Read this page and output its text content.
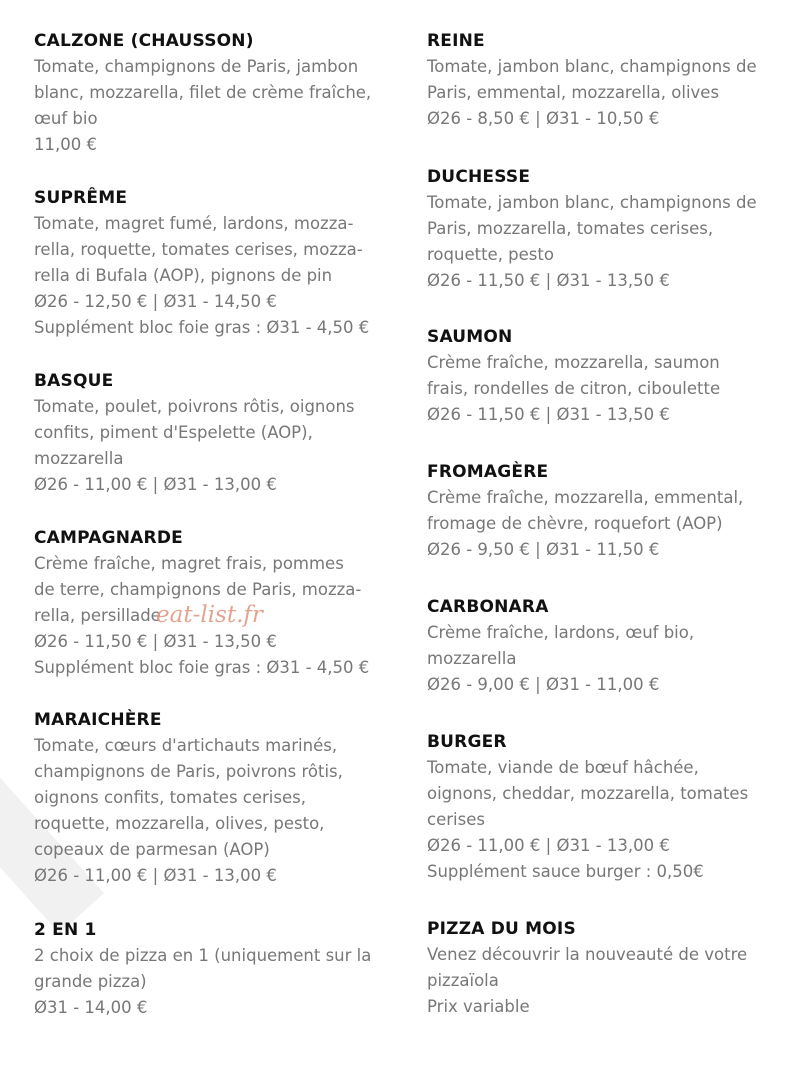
CALZONE (CHAUSSON)
Tomate, champignons de Paris, jambon
blanc, mozzarella, filet de crème fraîche,
œuf bio
11,00 €
SUPRÊME
Tomate, magret fumé, lardons, mozza-
rella, roquette, tomates cerises, mozza-
rella di Bufala (AOP), pignons de pin
Ø26 - 12,50 € | Ø31 - 14,50 €
Supplément bloc foie gras : Ø31 - 4,50 €
BASQUE
Tomate, poulet, poivrons rôtis, oignons
confits, piment d'Espelette (AOP),
mozzarella
Ø26 - 11,00 € | Ø31 - 13,00 €
CAMPAGNARDE
Crème fraîche, magret frais, pommes
de terre, champignons de Paris, mozza-
rella, persillade
Ø26 - 11,50 € | Ø31 - 13,50 €
Supplément bloc foie gras : Ø31 - 4,50 €
MARAICHÈRE
Tomate, cœurs d'artichauts marinés,
champignons de Paris, poivrons rôtis,
oignons confits, tomates cerises,
roquette, mozzarella, olives, pesto,
copeaux de parmesan (AOP)
Ø26 - 11,00 € | Ø31 - 13,00 €
2 EN 1
2 choix de pizza en 1 (uniquement sur la
grande pizza)
Ø31 - 14,00 €
REINE
Tomate, jambon blanc, champignons de
Paris, emmental, mozzarella, olives
Ø26 - 8,50 € | Ø31 - 10,50 €
DUCHESSE
Tomate, jambon blanc, champignons de
Paris, mozzarella, tomates cerises,
roquette, pesto
Ø26 - 11,50 € | Ø31 - 13,50 €
SAUMON
Crème fraîche, mozzarella, saumon
frais, rondelles de citron, ciboulette
Ø26 - 11,50 € | Ø31 - 13,50 €
FROMAGÈRE
Crème fraîche, mozzarella, emmental,
fromage de chèvre, roquefort (AOP)
Ø26 - 9,50 € | Ø31 - 11,50 €
CARBONARA
Crème fraîche, lardons, œuf bio,
mozzarella
Ø26 - 9,00 € | Ø31 - 11,00 €
BURGER
Tomate, viande de bœuf hâchée,
oignons, cheddar, mozzarella, tomates
cerises
Ø26 - 11,00 € | Ø31 - 13,00 €
Supplément sauce burger : 0,50€
PIZZA DU MOIS
Venez découvrir la nouveauté de votre
pizzaïola
Prix variable
eat-list.fr
